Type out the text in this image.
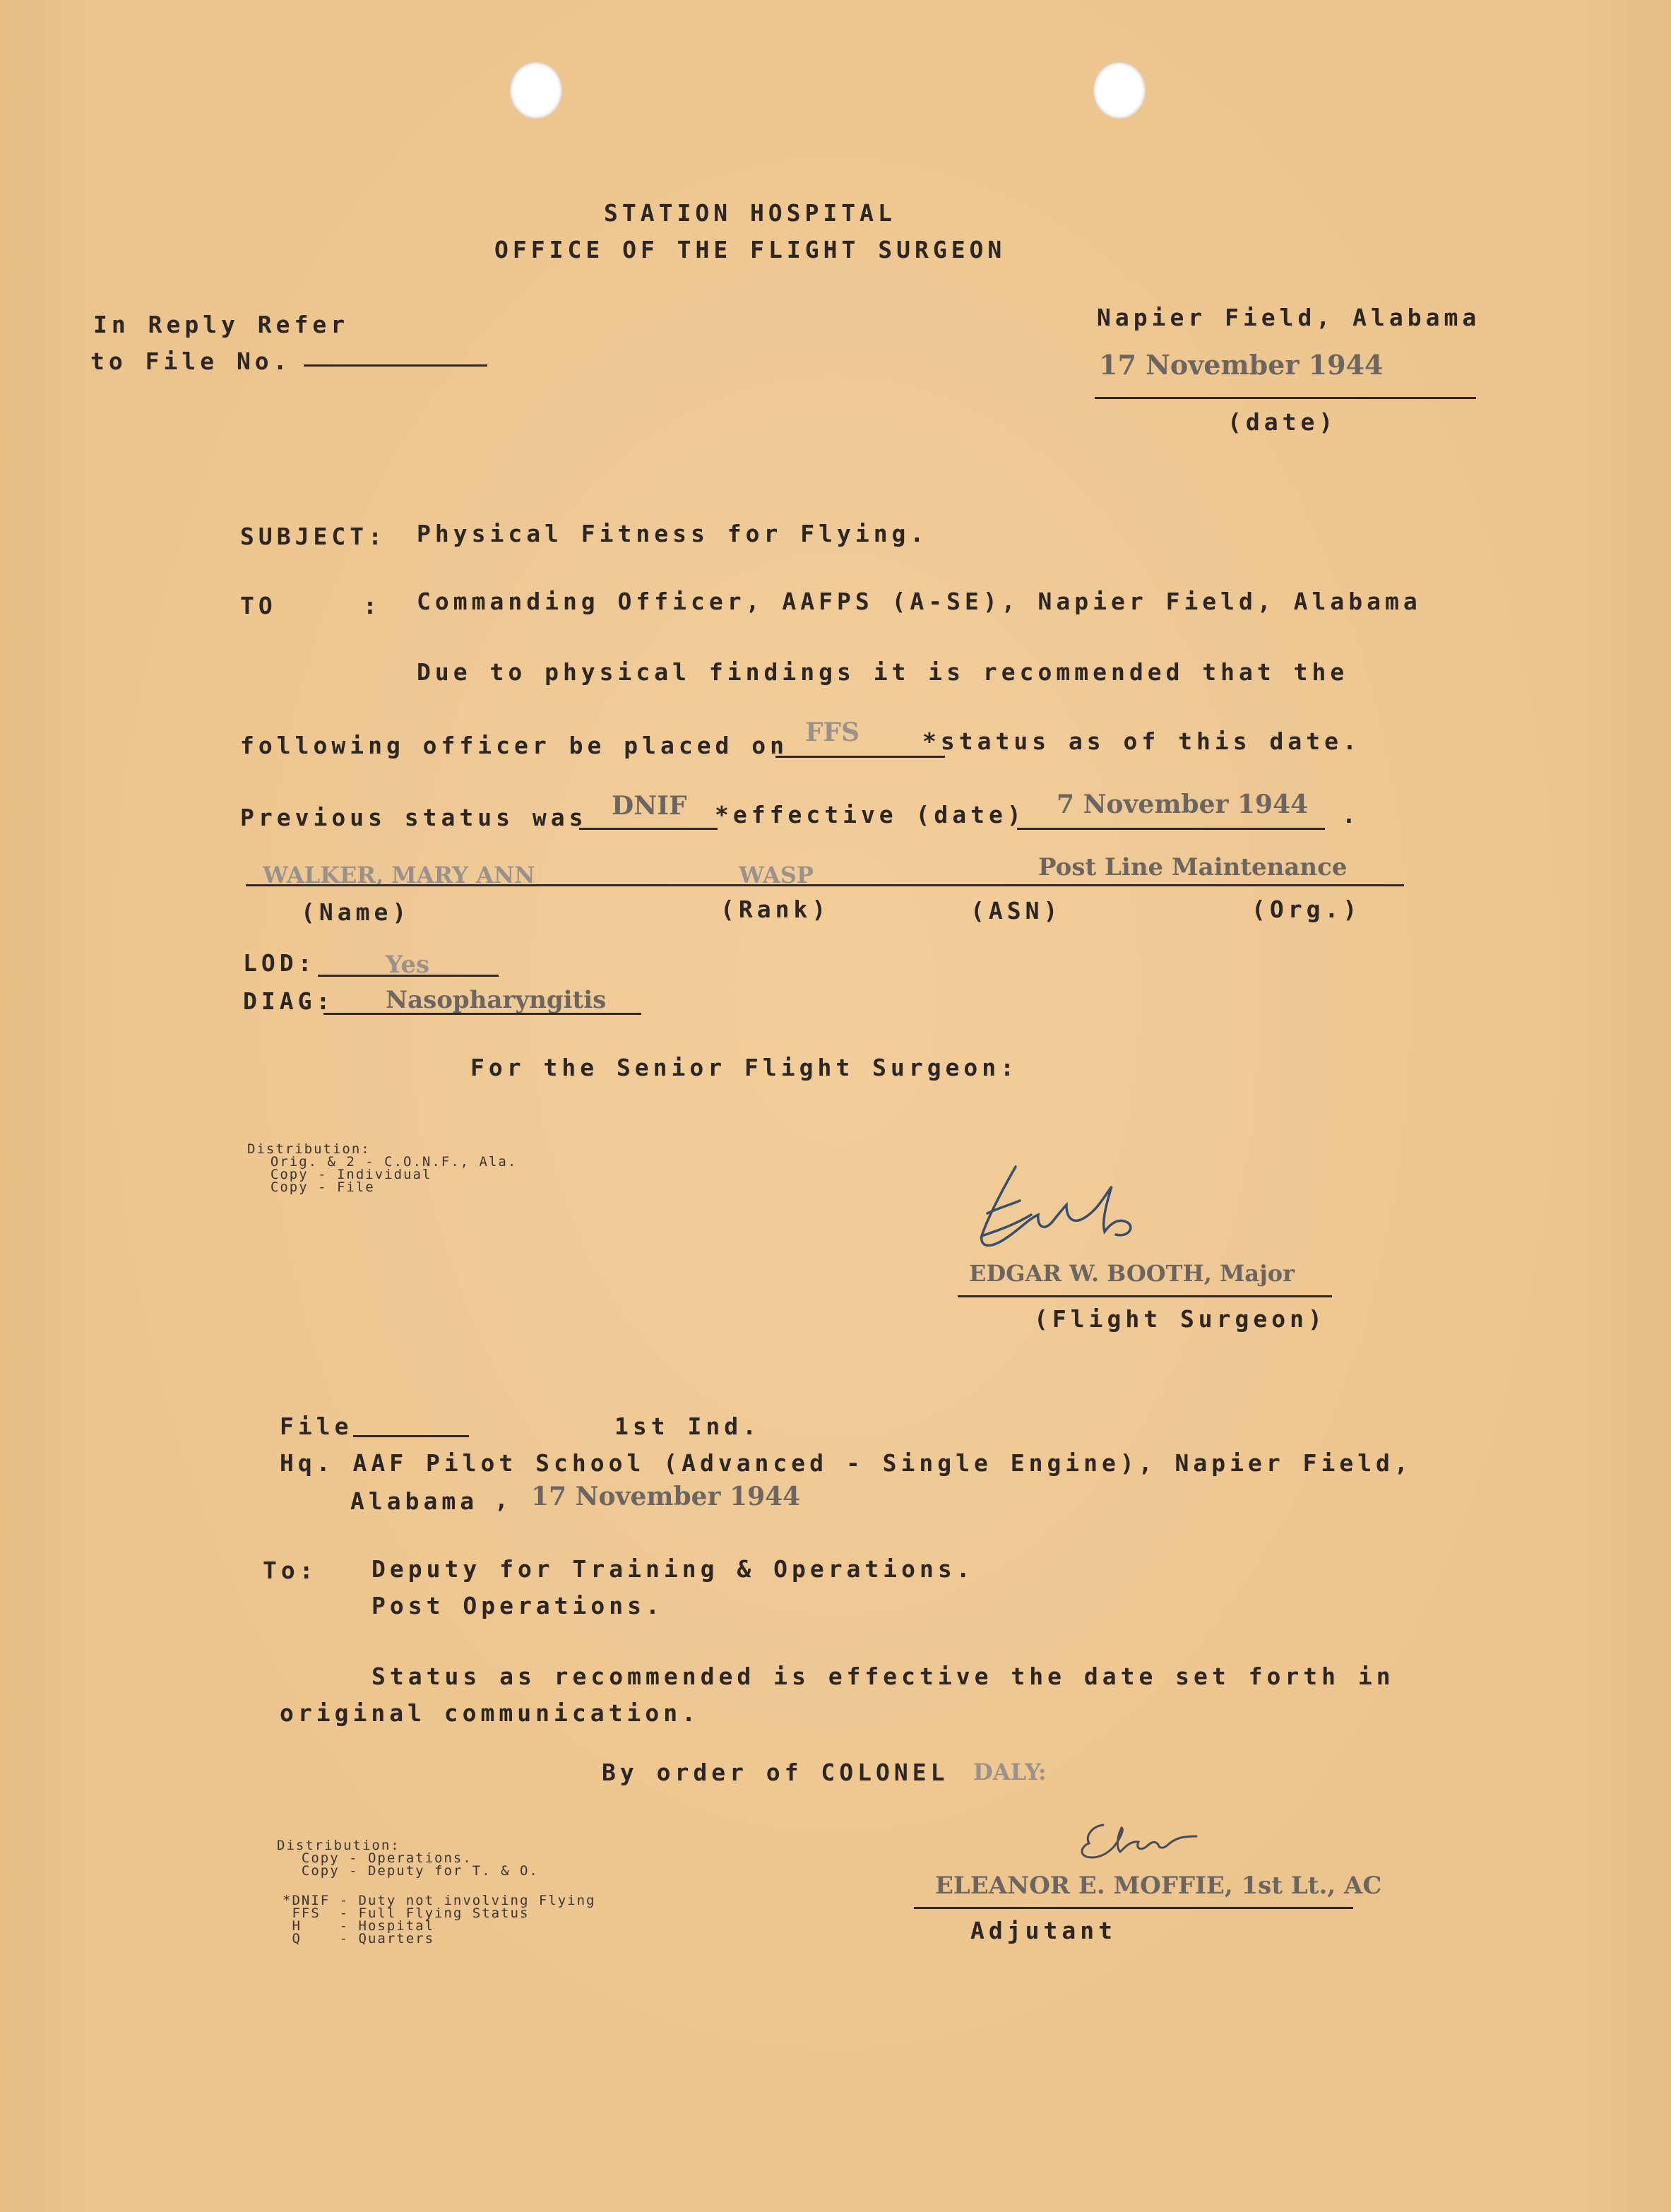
STATION HOSPITAL
OFFICE OF THE FLIGHT SURGEON
In Reply Refer
to File No.
Napier Field, Alabama
17 November 1944
(date)
SUBJECT: Physical Fitness for Flying.
TO	: Commanding Officer, AAFPS (A-SE), Napier Field, Alabama
Due to physical findings it is recommended that the
following officer be placed on FFS	*status as of this date.
Previous status was DNIF *effective (date) 7 November 1944 .
WALKER, MARY ANN	WASP	Post Line Maintenance
(Name)	(Rank)	(ASN)	(Org.)
LOD:	Yes
DIAG: Nasopharyngitis
For the Senior Flight Surgeon:
Distribution:
Orig. & 2 - C.O.N.F., Ala.
Copy - Individual
Copy - File
EDGAR W. BOOTH, Major
(Flight Surgeon)
File	1st Ind.
Hq. AAF Pilot School (Advanced - Single Engine), Napier Field,
Alabama , 17 November 1944
To: Deputy for Training & Operations.
Post Operations.
Status as recommended is effective the date set forth in
original communication.
By order of COLONEL DALY:
Distribution:
Copy - Operations.
Copy - Deputy for T. & O.
*DNIF - Duty not involving Flying
FFS  - Full Flying Status
H    - Hospital
Q    - Quarters
ELEANOR E. MOFFIE, 1st Lt., AC
Adjutant
